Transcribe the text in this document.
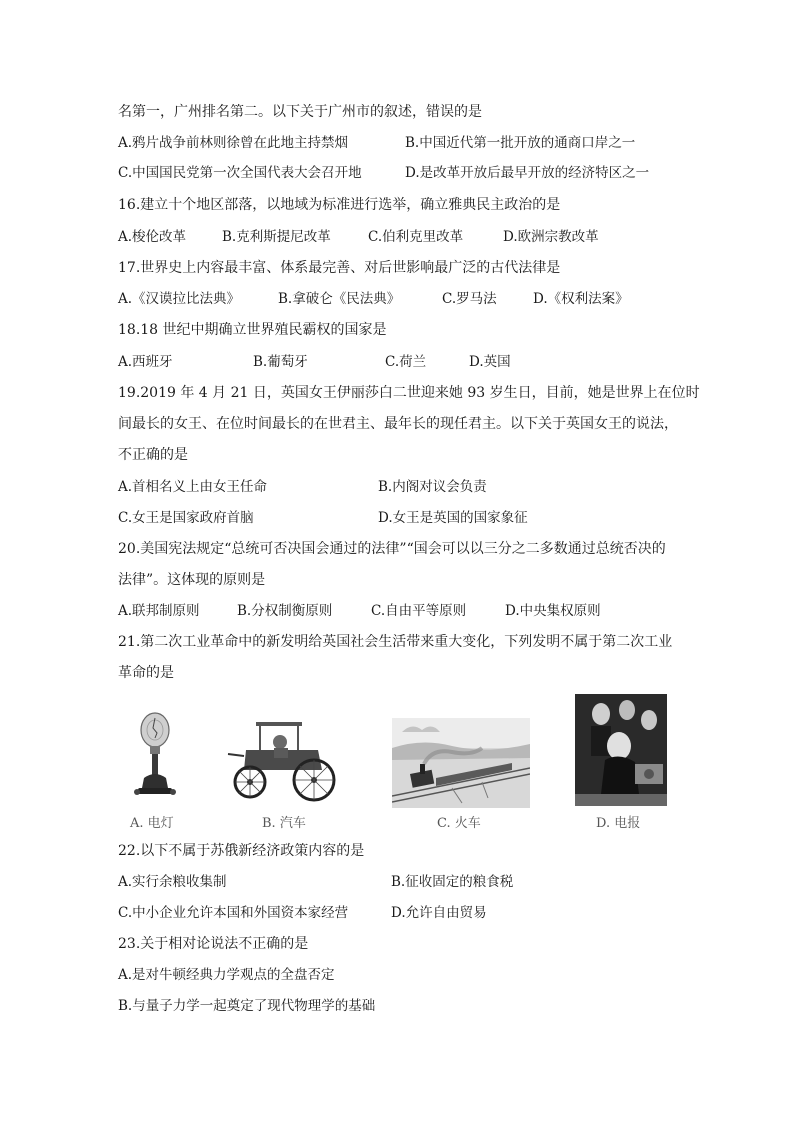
名第一，广州排名第二。以下关于广州市的叙述，错误的是
A.鸦片战争前林则徐曾在此地主持禁烟	B.中国近代第一批开放的通商口岸之一
C.中国国民党第一次全国代表大会召开地	D.是改革开放后最早开放的经济特区之一
16.建立十个地区部落，以地域为标准进行选举，确立雅典民主政治的是
A.梭伦改革	B.克利斯提尼改革	C.伯利克里改革	D.欧洲宗教改革
17.世界史上内容最丰富、体系最完善、对后世影响最广泛的古代法律是
A.《汉谟拉比法典》	B.拿破仑《民法典》	C.罗马法	D.《权利法案》
18.18 世纪中期确立世界殖民霸权的国家是
A.西班牙	B.葡萄牙	C.荷兰	D.英国
19.2019 年 4 月 21 日，英国女王伊丽莎白二世迎来她 93 岁生日，目前，她是世界上在位时
间最长的女王、在位时间最长的在世君主、最年长的现任君主。以下关于英国女王的说法，
不正确的是
A.首相名义上由女王任命	B.内阁对议会负责
C.女王是国家政府首脑	D.女王是英国的国家象征
20.美国宪法规定“总统可否决国会通过的法律”“国会可以以三分之二多数通过总统否决的
法律”。这体现的原则是
A.联邦制原则	B.分权制衡原则	C.自由平等原则	D.中央集权原则
21.第二次工业革命中的新发明给英国社会生活带来重大变化，下列发明不属于第二次工业
革命的是
A. 电灯	B. 汽车	C. 火车	D. 电报
22.以下不属于苏俄新经济政策内容的是
A.实行余粮收集制	B.征收固定的粮食税
C.中小企业允许本国和外国资本家经营	D.允许自由贸易
23.关于相对论说法不正确的是
A.是对牛顿经典力学观点的全盘否定
B.与量子力学一起奠定了现代物理学的基础
